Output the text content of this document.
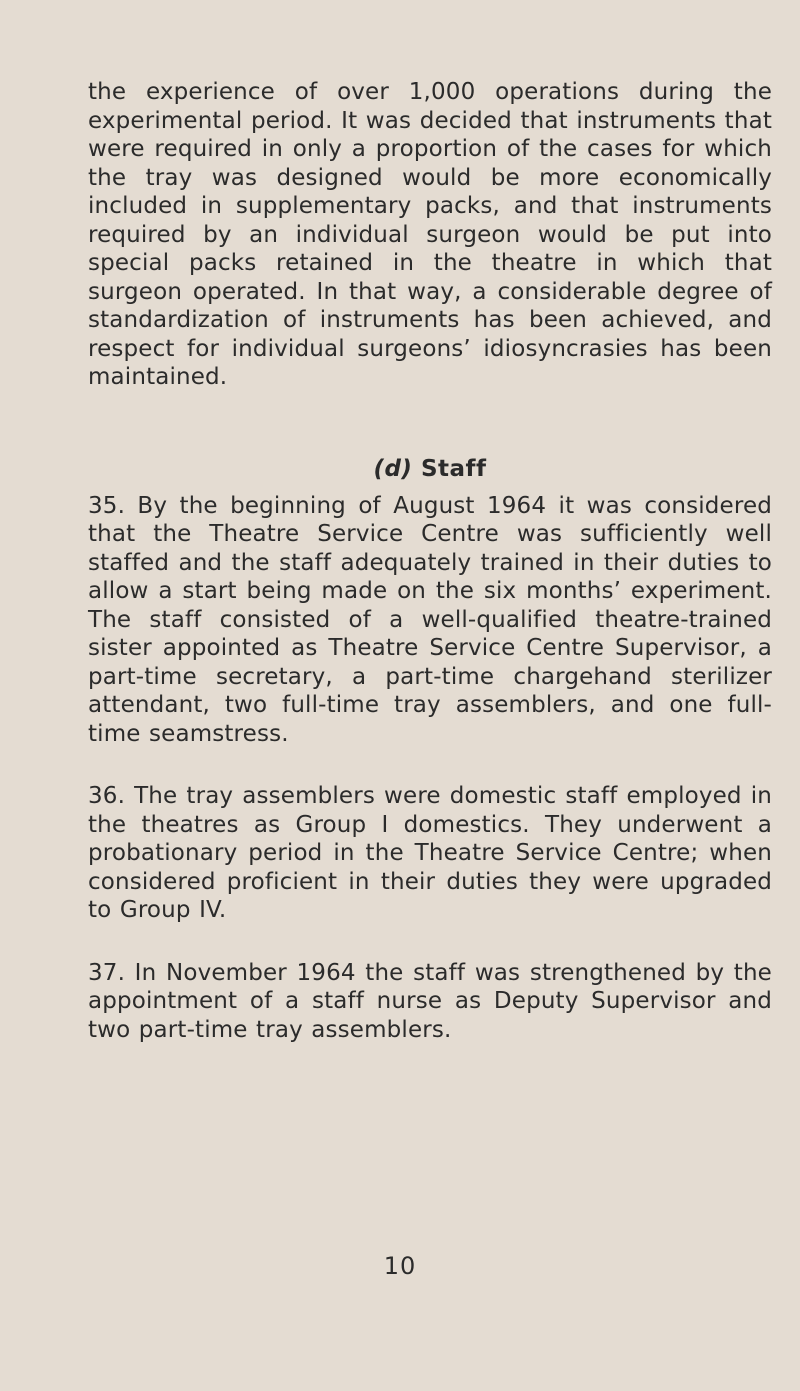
the experience of over 1,000 operations during the experimental period. It was decided that instruments that were required in only a proportion of the cases for which the tray was designed would be more economically included in supplementary packs, and that instruments required by an individual surgeon would be put into special packs retained in the theatre in which that surgeon operated. In that way, a considerable degree of standardization of instruments has been achieved, and respect for individual surgeons’ idiosyncrasies has been maintained.

(d) Staff

35. By the beginning of August 1964 it was considered that the Theatre Service Centre was sufficiently well staffed and the staff adequately trained in their duties to allow a start being made on the six months’ experiment. The staff consisted of a well-qualified theatre-trained sister appointed as Theatre Service Centre Supervisor, a part-time secretary, a part-time chargehand sterilizer attendant, two full-time tray assemblers, and one full-time seamstress.

36. The tray assemblers were domestic staff employed in the theatres as Group I domestics. They underwent a probationary period in the Theatre Service Centre; when considered proficient in their duties they were upgraded to Group IV.

37. In November 1964 the staff was strengthened by the appointment of a staff nurse as Deputy Supervisor and two part-time tray assemblers.

10
